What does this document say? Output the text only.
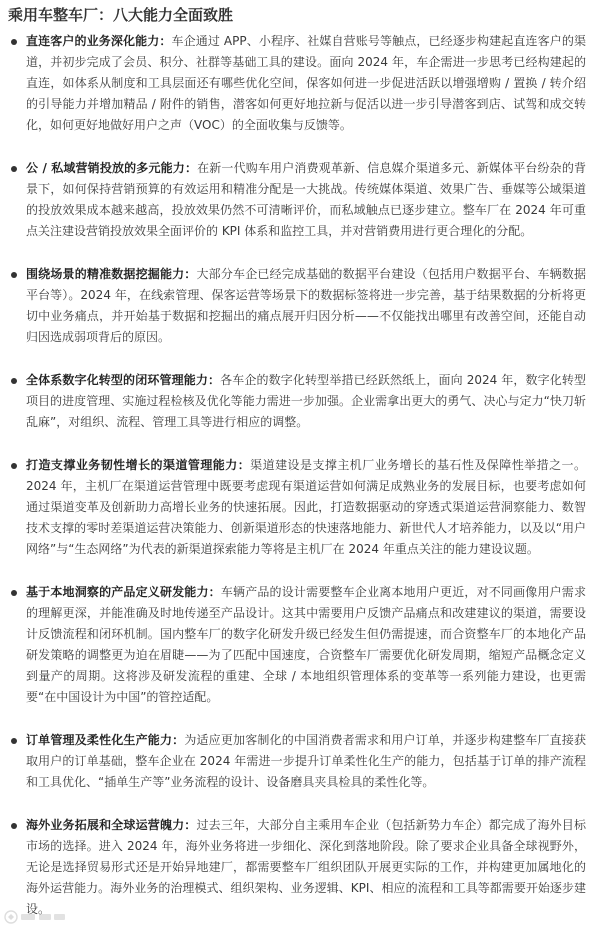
乘用车整车厂：八大能力全面致胜
直连客户的业务深化能力：车企通过 APP、小程序、社媒自营账号等触点，已经逐步构建起直连客户的渠道，并初步完成了会员、积分、社群等基础工具的建设。面向 2024 年，车企需进一步思考已经构建起的直连，如体系从制度和工具层面还有哪些优化空间，保客如何进一步促进活跃以增强增购 / 置换 / 转介绍的引导能力并增加精品 / 附件的销售，潜客如何更好地拉新与促活以进一步引导潜客到店、试驾和成交转化，如何更好地做好用户之声（VOC）的全面收集与反馈等。
公 / 私域营销投放的多元能力：在新一代购车用户消费观革新、信息媒介渠道多元、新媒体平台纷杂的背景下，如何保持营销预算的有效运用和精准分配是一大挑战。传统媒体渠道、效果广告、垂媒等公域渠道的投放效果成本越来越高，投放效果仍然不可清晰评价，而私域触点已逐步建立。整车厂在 2024 年可重点关注建设营销投放效果全面评价的 KPI 体系和监控工具，并对营销费用进行更合理化的分配。
围绕场景的精准数据挖掘能力：大部分车企已经完成基础的数据平台建设（包括用户数据平台、车辆数据平台等）。2024 年，在线索管理、保客运营等场景下的数据标签将进一步完善，基于结果数据的分析将更切中业务痛点，并开始基于数据和挖掘出的痛点展开归因分析——不仅能找出哪里有改善空间，还能自动归因选成弱项背后的原因。
全体系数字化转型的闭环管理能力：各车企的数字化转型举措已经跃然纸上，面向 2024 年，数字化转型项目的进度管理、实施过程检核及优化等能力需进一步加强。企业需拿出更大的勇气、决心与定力“快刀斩乱麻”，对组织、流程、管理工具等进行相应的调整。
打造支撑业务韧性增长的渠道管理能力：渠道建设是支撑主机厂业务增长的基石性及保障性举措之一。2024 年，主机厂在渠道运营管理中既要考虑现有渠道运营如何满足成熟业务的发展目标，也要考虑如何通过渠道变革及创新助力高增长业务的快速拓展。因此，打造数据驱动的穿透式渠道运营洞察能力、数智技术支撑的零时差渠道运营决策能力、创新渠道形态的快速落地能力、新世代人才培养能力，以及以“用户网络”与“生态网络”为代表的新渠道探索能力等将是主机厂在 2024 年重点关注的能力建设议题。
基于本地洞察的产品定义研发能力：车辆产品的设计需要整车企业离本地用户更近，对不同画像用户需求的理解更深，并能准确及时地传递至产品设计。这其中需要用户反馈产品痛点和改建建议的渠道，需要设计反馈流程和闭环机制。国内整车厂的数字化研发升级已经发生但仍需提速，而合资整车厂的本地化产品研发策略的调整更为迫在眉睫——为了匹配中国速度，合资整车厂需要优化研发周期，缩短产品概念定义到量产的周期。这将涉及研发流程的重建、全球 / 本地组织管理体系的变革等一系列能力建设，也更需要“在中国设计为中国”的管控适配。
订单管理及柔性化生产能力：为适应更加客制化的中国消费者需求和用户订单，并逐步构建整车厂直接获取用户的订单基础，整车企业在 2024 年需进一步提升订单柔性化生产的能力，包括基于订单的排产流程和工具优化、“插单生产等”业务流程的设计、设备磨具夹具检具的柔性化等。
海外业务拓展和全球运营魄力：过去三年，大部分自主乘用车企业（包括新势力车企）都完成了海外目标市场的选择。进入 2024 年，海外业务将进一步细化、深化到落地阶段。除了要求企业具备全球视野外，无论是选择贸易形式还是开始异地建厂，都需要整车厂组织团队开展更实际的工作，并构建更加属地化的海外运营能力。海外业务的治理模式、组织架构、业务逻辑、KPI、相应的流程和工具等都需要开始逐步建设。
